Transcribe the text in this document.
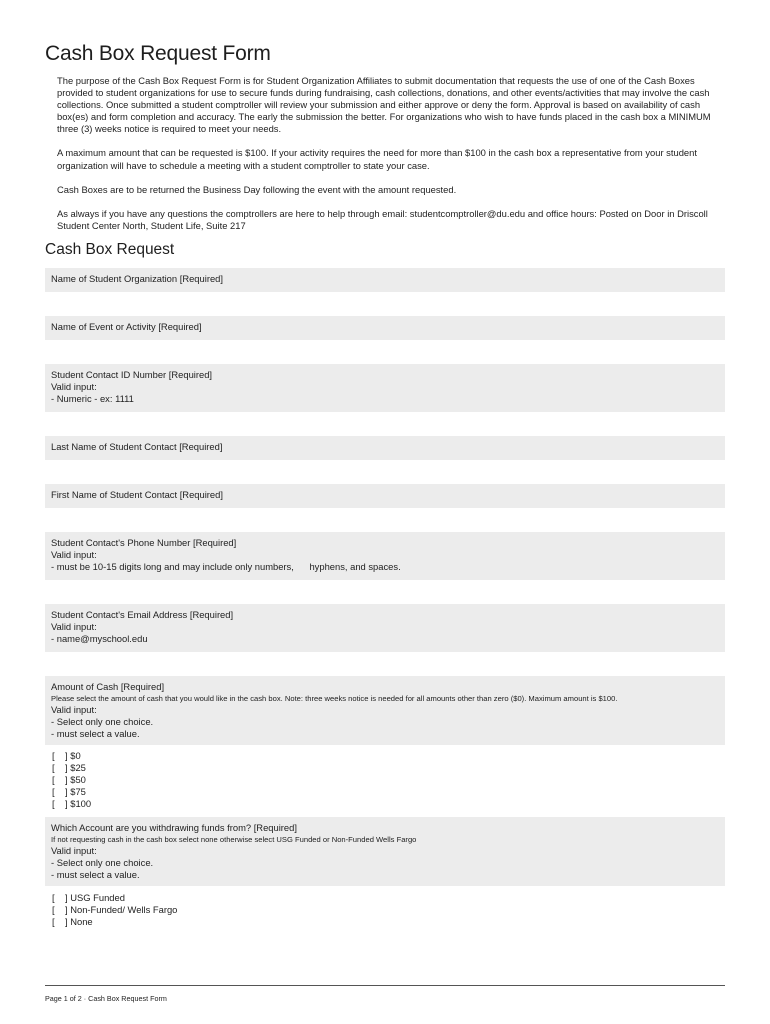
Cash Box Request Form

The purpose of the Cash Box Request Form is for Student Organization Affiliates to submit documentation that requests the use of one of the Cash Boxes provided to student organizations for use to secure funds during fundraising, cash collections, donations, and other events/activities that may involve the cash collections. Once submitted a student comptroller will review your submission and either approve or deny the form. Approval is based on availability of cash box(es) and form completion and accuracy. The early the submission the better. For organizations who wish to have funds placed in the cash box a MINIMUM three (3) weeks notice is required to meet your needs.

A maximum amount that can be requested is $100. If your activity requires the need for more than $100 in the cash box a representative from your student organization will have to schedule a meeting with a student comptroller to state your case.

Cash Boxes are to be returned the Business Day following the event with the amount requested.

As always if you have any questions the comptrollers are here to help through email: studentcomptroller@du.edu and office hours: Posted on Door in Driscoll Student Center North, Student Life, Suite 217

Cash Box Request
Name of Student Organization [Required]
Name of Event or Activity [Required]
Student Contact ID Number [Required]
Valid input:
- Numeric - ex: 1111
Last Name of Student Contact [Required]
First Name of Student Contact [Required]
Student Contact's Phone Number [Required]
Valid input:
- must be 10-15 digits long and may include only numbers,      hyphens, and spaces.
Student Contact's Email Address [Required]
Valid input:
- name@myschool.edu
Amount of Cash [Required]
Please select the amount of cash that you would like in the cash box. Note: three weeks notice is needed for all amounts other than zero ($0). Maximum amount is $100.
Valid input:
- Select only one choice.
- must select a value.
[    ] $0
[    ] $25
[    ] $50
[    ] $75
[    ] $100
Which Account are you withdrawing funds from? [Required]
If not requesting cash in the cash box select none otherwise select USG Funded or Non-Funded Wells Fargo
Valid input:
- Select only one choice.
- must select a value.
[    ] USG Funded
[    ] Non-Funded/ Wells Fargo
[    ] None
Page 1 of 2 · Cash Box Request Form
